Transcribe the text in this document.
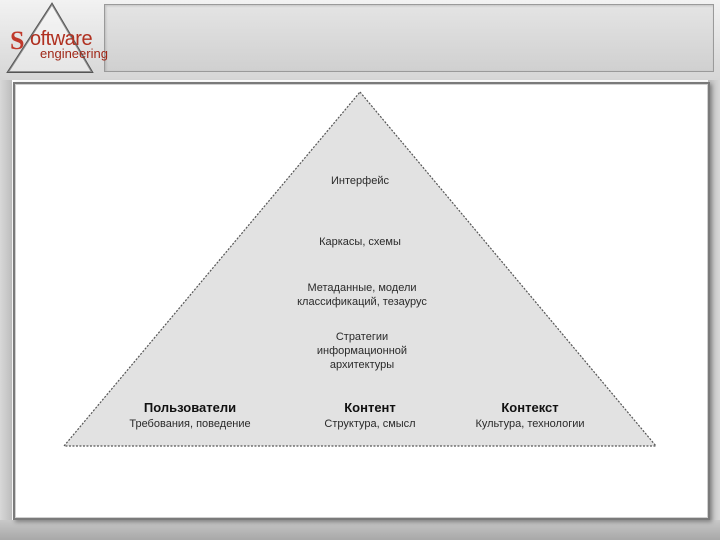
S oftware
engineering
Интерфейс
Каркасы, схемы
Метаданные, модели
классификаций, тезаурус
Стратегии
информационной
архитектуры
Пользователи
Требования, поведение
Контент
Структура, смысл
Контекст
Культура, технологии
